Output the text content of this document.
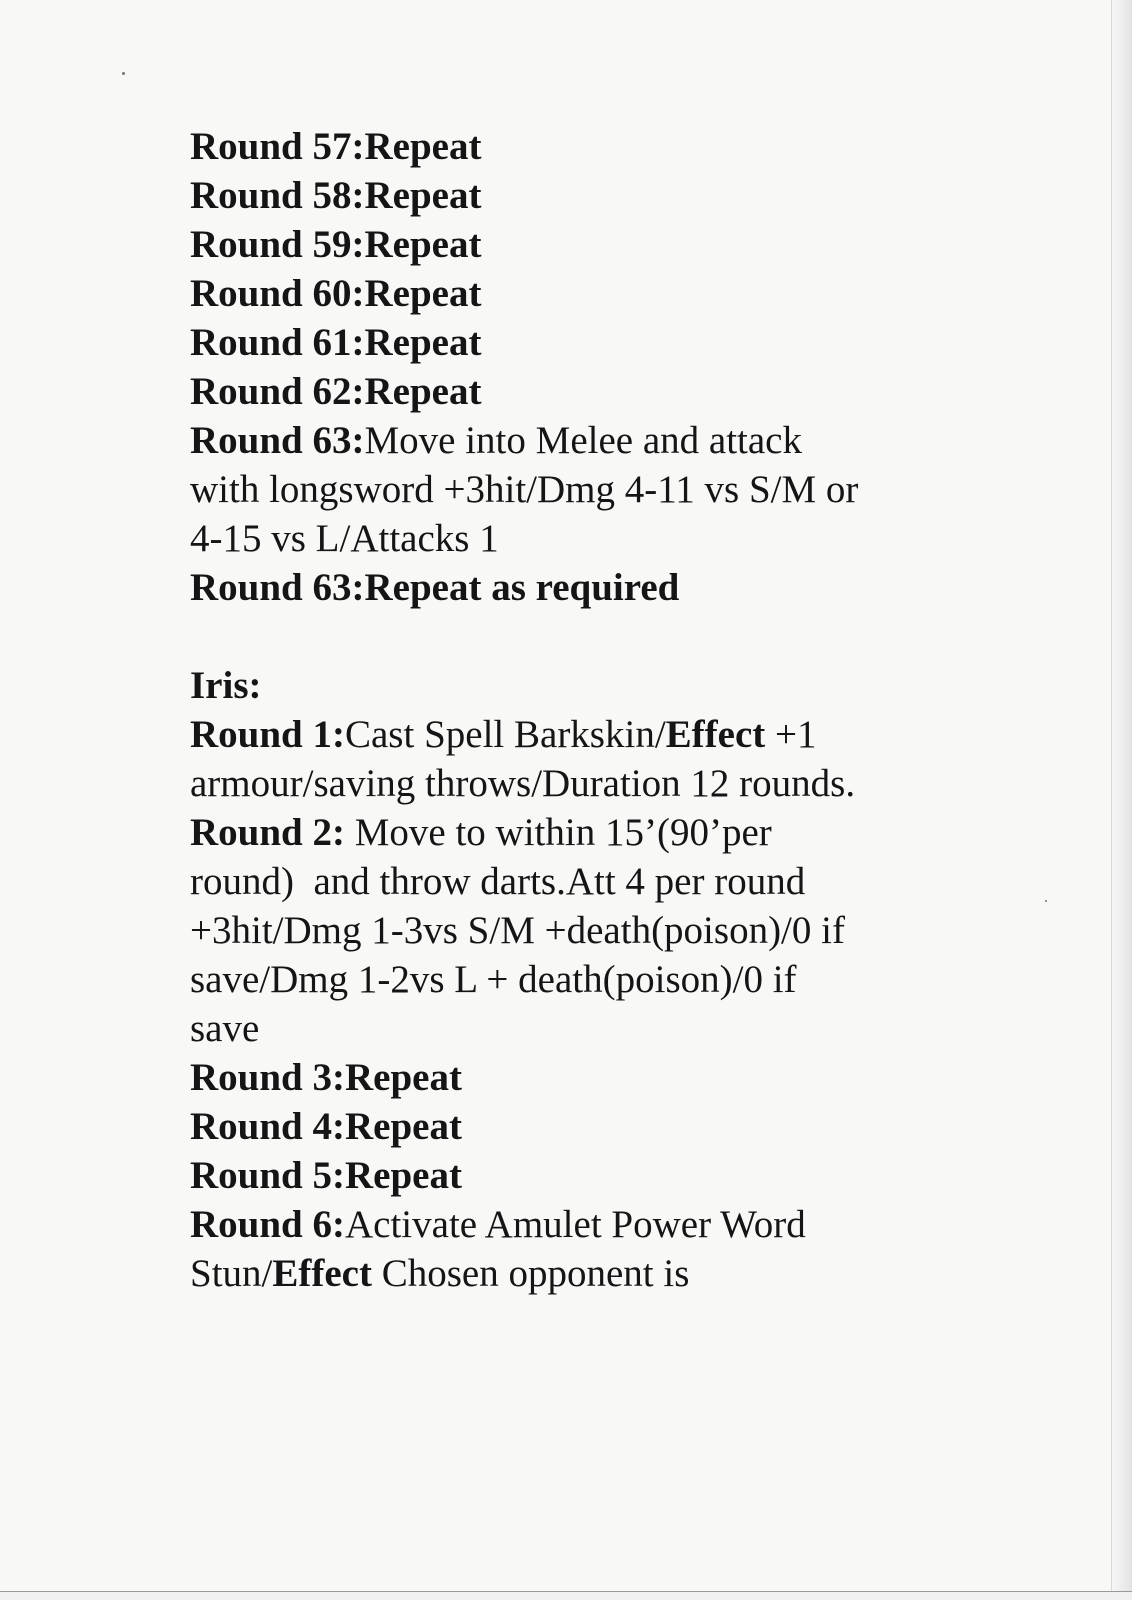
Round 57:Repeat

Round 58:Repeat

Round 59:Repeat

Round 60:Repeat

Round 61:Repeat

Round 62:Repeat

Round 63:Move into Melee and attack

with longsword +3hit/Dmg 4-11 vs S/M or

4-15 vs L/Attacks 1

Round 63:Repeat as required

Iris:

Round 1:Cast Spell Barkskin/Effect +1

armour/saving throws/Duration 12 rounds.

Round 2: Move to within 15’(90’per

round)  and throw darts.Att 4 per round

+3hit/Dmg 1-3vs S/M +death(poison)/0 if

save/Dmg 1-2vs L + death(poison)/0 if

save

Round 3:Repeat

Round 4:Repeat

Round 5:Repeat

Round 6:Activate Amulet Power Word

Stun/Effect Chosen opponent is
